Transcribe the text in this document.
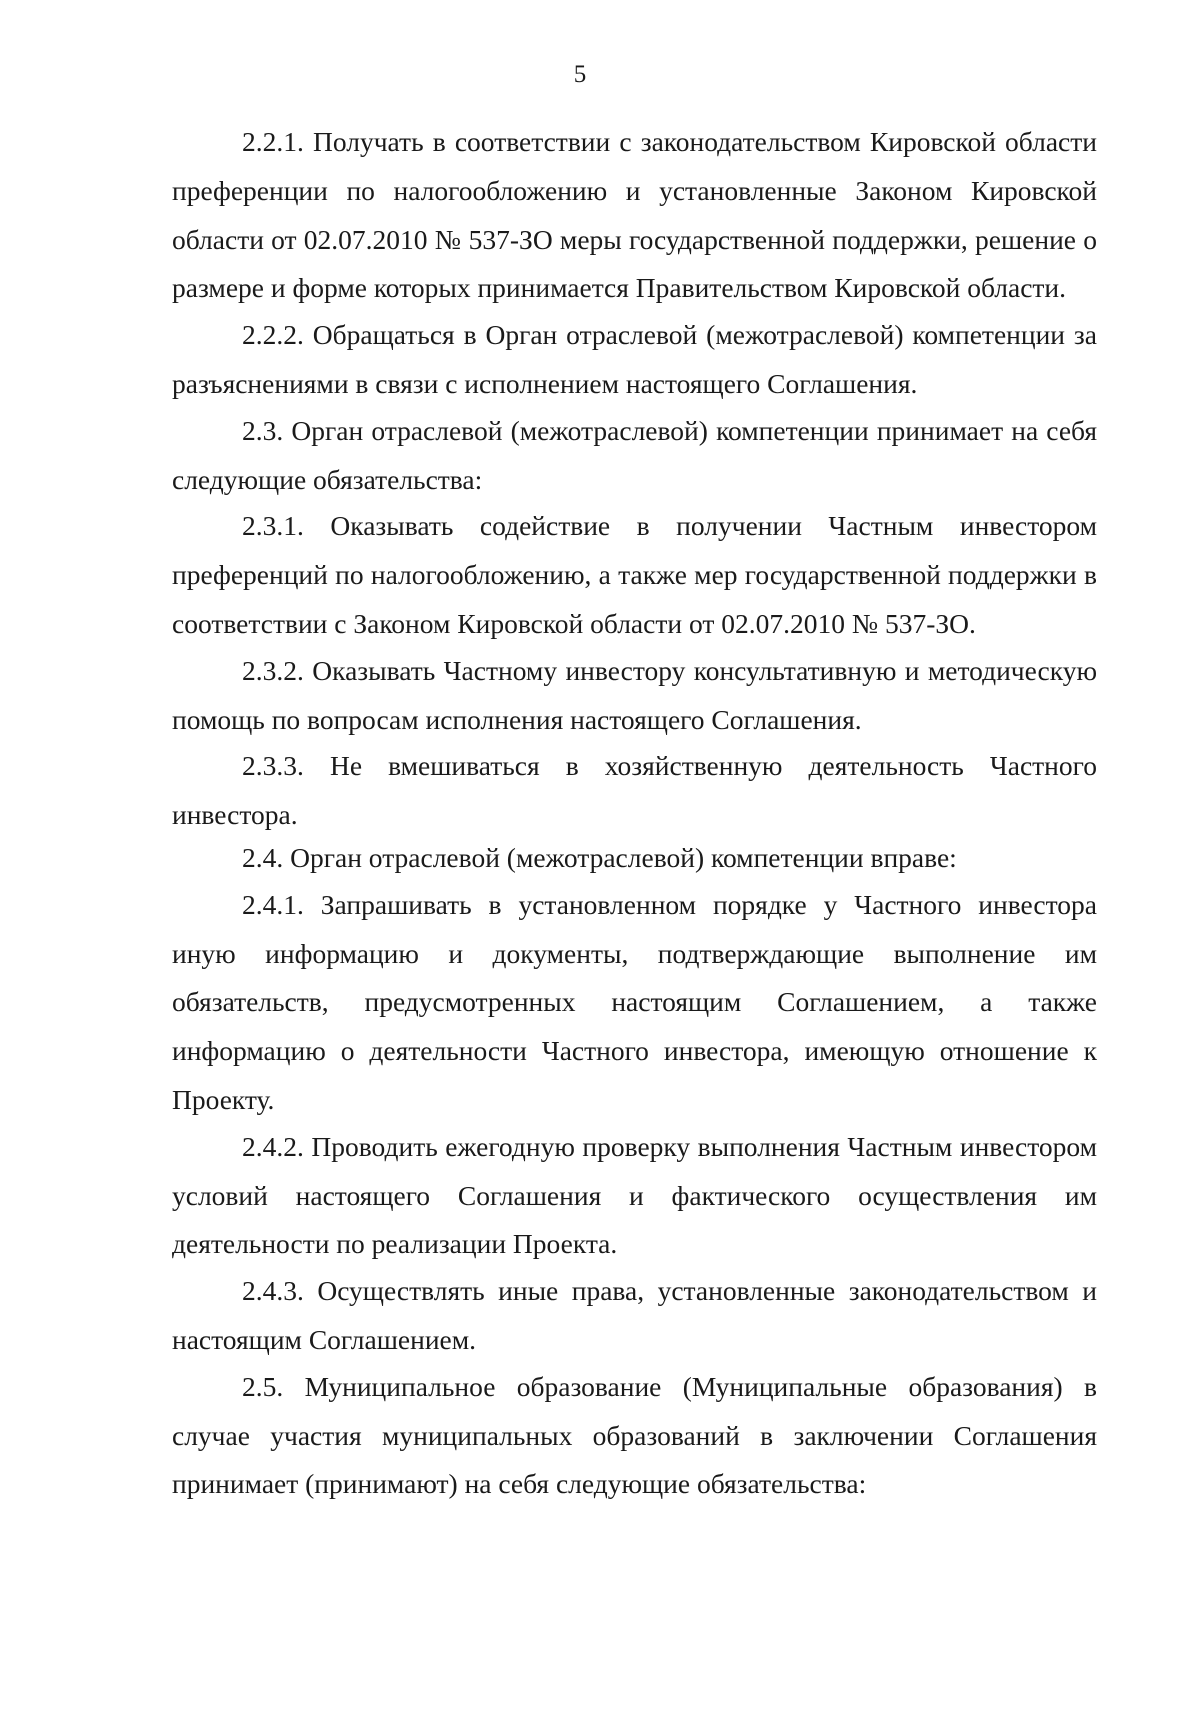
5

2.2.1. Получать в соответствии с законодательством Кировской области преференции по налогообложению и установленные Законом Кировской области от 02.07.2010 № 537-ЗО меры государственной поддержки, решение о размере и форме которых принимается Правительством Кировской области.

2.2.2. Обращаться в Орган отраслевой (межотраслевой) компетенции за разъяснениями в связи с исполнением настоящего Соглашения.

2.3. Орган отраслевой (межотраслевой) компетенции принимает на себя следующие обязательства:

2.3.1. Оказывать содействие в получении Частным инвестором преференций по налогообложению, а также мер государственной поддержки в соответствии с Законом Кировской области от 02.07.2010 № 537-ЗО.

2.3.2. Оказывать Частному инвестору консультативную и методическую помощь по вопросам исполнения настоящего Соглашения.

2.3.3. Не вмешиваться в хозяйственную деятельность Частного инвестора.

2.4. Орган отраслевой (межотраслевой) компетенции вправе:

2.4.1. Запрашивать в установленном порядке у Частного инвестора иную информацию и документы, подтверждающие выполнение им обязательств, предусмотренных настоящим Соглашением, а также информацию о деятельности Частного инвестора, имеющую отношение к Проекту.

2.4.2. Проводить ежегодную проверку выполнения Частным инвестором условий настоящего Соглашения и фактического осуществления им деятельности по реализации Проекта.

2.4.3. Осуществлять иные права, установленные законодательством и настоящим Соглашением.

2.5. Муниципальное образование (Муниципальные образования) в случае участия муниципальных образований в заключении Соглашения принимает (принимают) на себя следующие обязательства:
